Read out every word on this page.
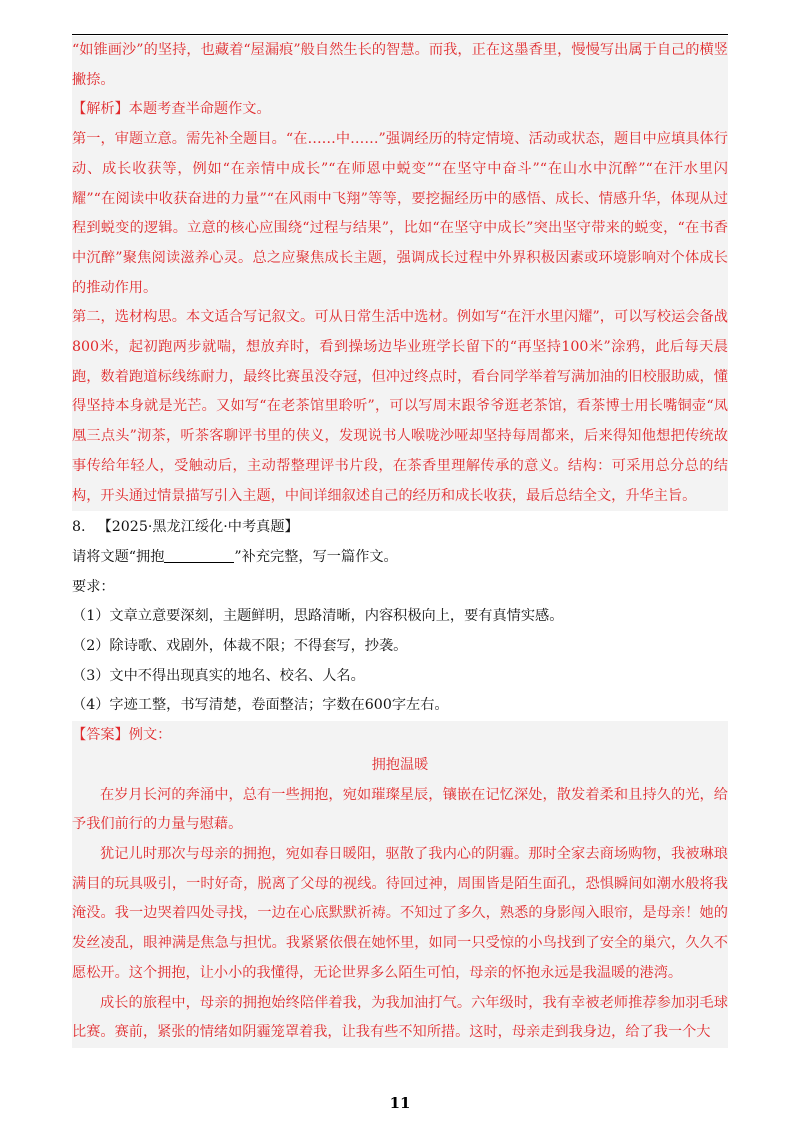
“如锥画沙”的坚持，也藏着“屋漏痕”般自然生长的智慧。而我，正在这墨香里，慢慢写出属于自己的横竖撇捺。

【解析】本题考查半命题作文。

第一，审题立意。需先补全题目。“在……中……”强调经历的特定情境、活动或状态，题目中应填具体行动、成长收获等，例如“在亲情中成长”“在师恩中蜕变”“在坚守中奋斗”“在山水中沉醉”“在汗水里闪耀”“在阅读中收获奋进的力量”“在风雨中飞翔”等等，要挖掘经历中的感悟、成长、情感升华，体现从过程到蜕变的逻辑。立意的核心应围绕“过程与结果”，比如“在坚守中成长”突出坚守带来的蜕变，“在书香中沉醉”聚焦阅读滋养心灵。总之应聚焦成长主题，强调成长过程中外界积极因素或环境影响对个体成长的推动作用。

第二，选材构思。本文适合写记叙文。可从日常生活中选材。例如写“在汗水里闪耀”，可以写校运会备战800米，起初跑两步就喘，想放弃时，看到操场边毕业班学长留下的“再坚持100米”涂鸦，此后每天晨跑，数着跑道标线练耐力，最终比赛虽没夺冠，但冲过终点时，看台同学举着写满加油的旧校服助威，懂得坚持本身就是光芒。又如写“在老茶馆里聆听”，可以写周末跟爷爷逛老茶馆，看茶博士用长嘴铜壶“凤凰三点头”沏茶，听茶客聊评书里的侠义，发现说书人喉咙沙哑却坚持每周都来，后来得知他想把传统故事传给年轻人，受触动后，主动帮整理评书片段，在茶香里理解传承的意义。结构：可采用总分总的结构，开头通过情景描写引入主题，中间详细叙述自己的经历和成长收获，最后总结全文，升华主旨。

8. 【2025·黑龙江绥化·中考真题】

请将文题“拥抱	”补充完整，写一篇作文。

要求：

（1）文章立意要深刻，主题鲜明，思路清晰，内容积极向上，要有真情实感。

（2）除诗歌、戏剧外，体裁不限；不得套写，抄袭。

（3）文中不得出现真实的地名、校名、人名。

（4）字迹工整，书写清楚，卷面整洁；字数在600字左右。

【答案】例文：

拥抱温暖

在岁月长河的奔涌中，总有一些拥抱，宛如璀璨星辰，镶嵌在记忆深处，散发着柔和且持久的光，给予我们前行的力量与慰藉。

犹记儿时那次与母亲的拥抱，宛如春日暖阳，驱散了我内心的阴霾。那时全家去商场购物，我被琳琅满目的玩具吸引，一时好奇，脱离了父母的视线。待回过神，周围皆是陌生面孔，恐惧瞬间如潮水般将我淹没。我一边哭着四处寻找，一边在心底默默祈祷。不知过了多久，熟悉的身影闯入眼帘，是母亲！她的发丝凌乱，眼神满是焦急与担忧。我紧紧依偎在她怀里，如同一只受惊的小鸟找到了安全的巢穴，久久不愿松开。这个拥抱，让小小的我懂得，无论世界多么陌生可怕，母亲的怀抱永远是我温暖的港湾。

成长的旅程中，母亲的拥抱始终陪伴着我，为我加油打气。六年级时，我有幸被老师推荐参加羽毛球比赛。赛前，紧张的情绪如阴霾笼罩着我，让我有些不知所措。这时，母亲走到我身边，给了我一个大

11
